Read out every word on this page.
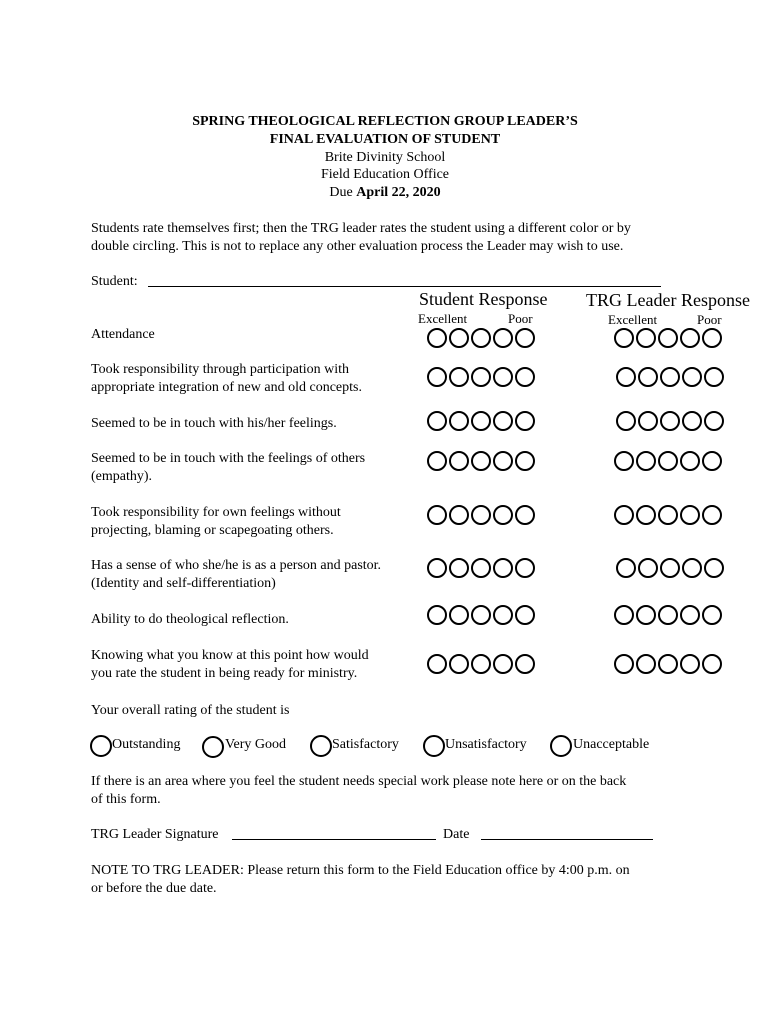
SPRING THEOLOGICAL REFLECTION GROUP LEADER’S
FINAL EVALUATION OF STUDENT
Brite Divinity School
Field Education Office
Due April 22, 2020
Students rate themselves first; then the TRG leader rates the student using a different color or by
double circling. This is not to replace any other evaluation process the Leader may wish to use.
Student:
Student Response TRG Leader Response
Excellent	Poor	Excellent	Poor
Attendance
Took responsibility through participation with
appropriate integration of new and old concepts.
Seemed to be in touch with his/her feelings.
Seemed to be in touch with the feelings of others
(empathy).
Took responsibility for own feelings without
projecting, blaming or scapegoating others.
Has a sense of who she/he is as a person and pastor.
(Identity and self-differentiation)
Ability to do theological reflection.
Knowing what you know at this point how would
you rate the student in being ready for ministry.
Your overall rating of the student is
Outstanding	Very Good	Satisfactory	Unsatisfactory	Unacceptable
If there is an area where you feel the student needs special work please note here or on the back
of this form.
TRG Leader Signature	Date
NOTE TO TRG LEADER: Please return this form to the Field Education office by 4:00 p.m. on
or before the due date.
